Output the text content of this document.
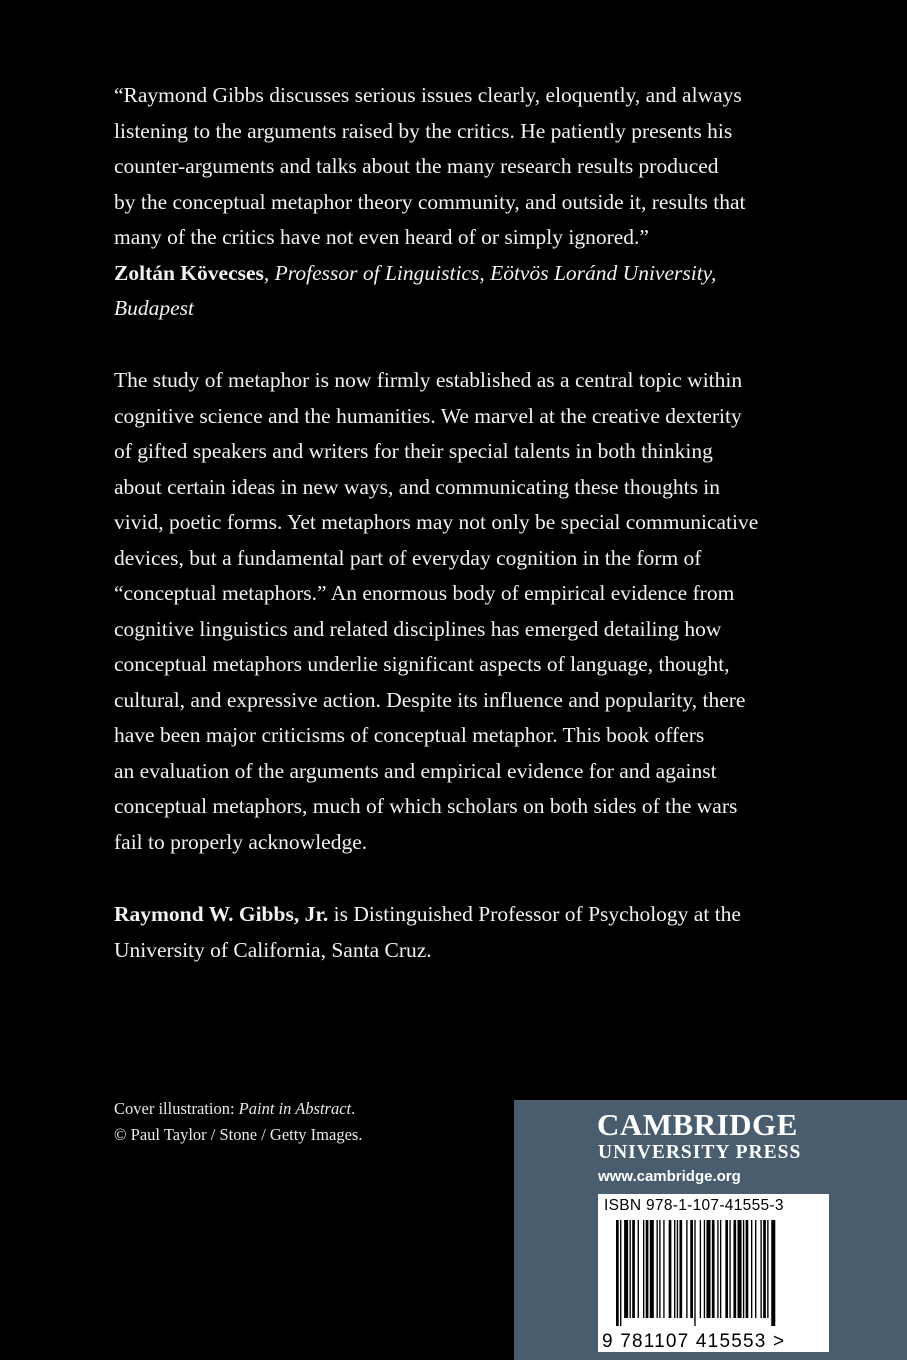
“Raymond Gibbs discusses serious issues clearly, eloquently, and always
listening to the arguments raised by the critics. He patiently presents his
counter-arguments and talks about the many research results produced
by the conceptual metaphor theory community, and outside it, results that
many of the critics have not even heard of or simply ignored.”
Zoltán Kövecses, Professor of Linguistics, Eötvös Loránd University,
Budapest
The study of metaphor is now firmly established as a central topic within
cognitive science and the humanities. We marvel at the creative dexterity
of gifted speakers and writers for their special talents in both thinking
about certain ideas in new ways, and communicating these thoughts in
vivid, poetic forms. Yet metaphors may not only be special communicative
devices, but a fundamental part of everyday cognition in the form of
“conceptual metaphors.” An enormous body of empirical evidence from
cognitive linguistics and related disciplines has emerged detailing how
conceptual metaphors underlie significant aspects of language, thought,
cultural, and expressive action. Despite its influence and popularity, there
have been major criticisms of conceptual metaphor. This book offers
an evaluation of the arguments and empirical evidence for and against
conceptual metaphors, much of which scholars on both sides of the wars
fail to properly acknowledge.
Raymond W. Gibbs, Jr. is Distinguished Professor of Psychology at the
University of California, Santa Cruz.
Cover illustration: Paint in Abstract.
© Paul Taylor / Stone / Getty Images.	CAMBRIDGE
UNIVERSITY PRESS
www.cambridge.org
ISBN 978-1-107-41555-3
9 781107 415553 >
